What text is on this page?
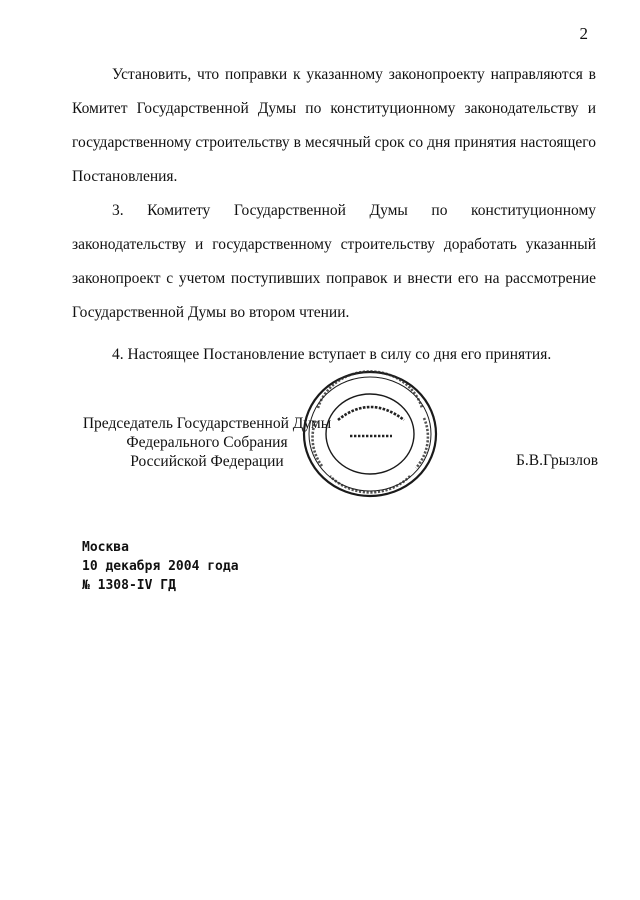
2

Установить, что поправки к указанному законопроекту направляются в

Комитет Государственной Думы по конституционному законодательству и

государственному строительству в месячный срок со дня принятия настоящего

Постановления.

3. Комитету Государственной Думы по конституционному

законодательству и государственному строительству доработать указанный

законопроект с учетом поступивших поправок и внести его на рассмотрение

Государственной Думы во втором чтении.

4. Настоящее Постановление вступает в силу со дня его принятия.
Председатель Государственной Думы
Федерального Собрания
Российской Федерации	Б.В.Грызлов
Москва
10 декабря 2004 года
№ 1308-IV ГД
